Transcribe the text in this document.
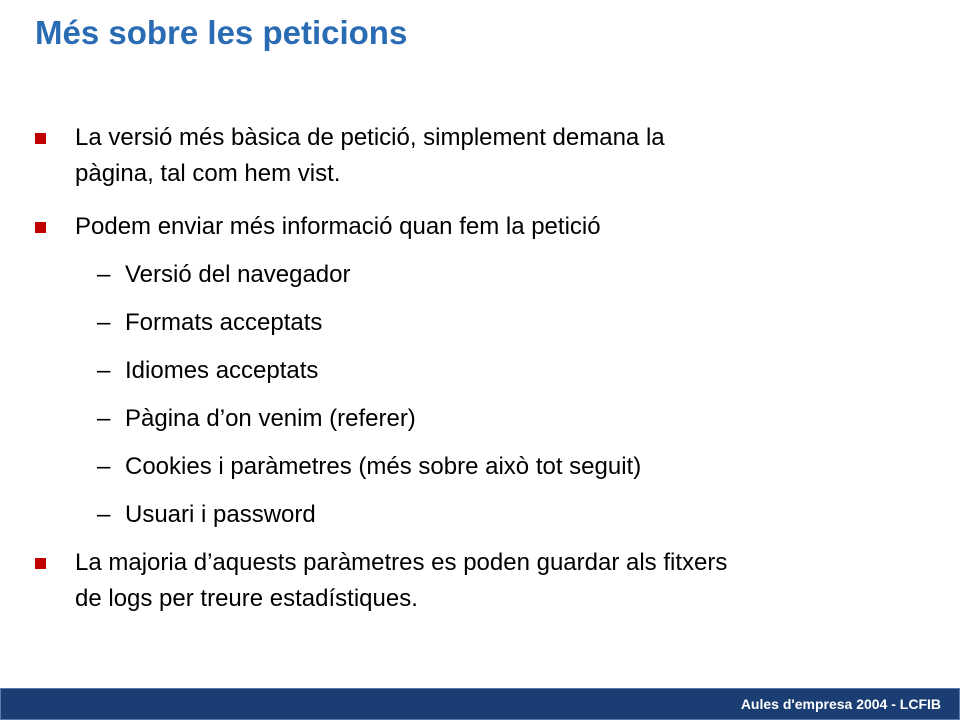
Més sobre les peticions
La versió més bàsica de petició, simplement demana la
pàgina, tal com hem vist.
Podem enviar més informació quan fem la petició
– Versió del navegador
– Formats acceptats
– Idiomes acceptats
– Pàgina d’on venim (referer)
– Cookies i paràmetres (més sobre això tot seguit)
– Usuari i password
La majoria d’aquests paràmetres es poden guardar als fitxers
de logs per treure estadístiques.
Aules d'empresa 2004 - LCFIB
